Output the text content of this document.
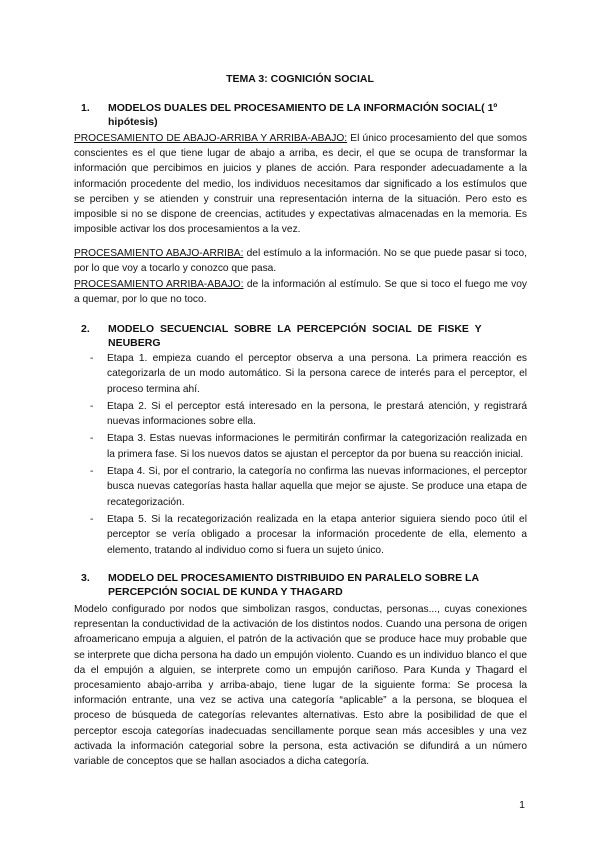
TEMA 3: COGNICIÓN SOCIAL
1. MODELOS DUALES DEL PROCESAMIENTO DE LA INFORMACIÓN SOCIAL( 1º
hipótesis)
PROCESAMIENTO DE ABAJO-ARRIBA Y ARRIBA-ABAJO: El único procesamiento del que somos conscientes es el que tiene lugar de abajo a arriba, es decir, el que se ocupa de transformar la información que percibimos en juicios y planes de acción. Para responder adecuadamente a la información procedente del medio, los individuos necesitamos dar significado a los estímulos que se perciben y se atienden y construir una representación interna de la situación. Pero esto es imposible si no se dispone de creencias, actitudes y expectativas almacenadas en la memoria. Es imposible activar los dos procesamientos a la vez.
PROCESAMIENTO ABAJO-ARRIBA: del estímulo a la información. No se que puede pasar si toco, por lo que voy a tocarlo y conozco que pasa.
PROCESAMIENTO ARRIBA-ABAJO: de la información al estímulo. Se que si toco el fuego me voy a quemar, por lo que no toco.
2. MODELO SECUENCIAL SOBRE LA PERCEPCIÓN SOCIAL DE FISKE Y
NEUBERG
- Etapa 1. empieza cuando el perceptor observa a una persona. La primera reacción es categorizarla de un modo automático. Si la persona carece de interés para el perceptor, el proceso termina ahí.
- Etapa 2. Si el perceptor está interesado en la persona, le prestará atención, y registrará nuevas informaciones sobre ella.
- Etapa 3. Estas nuevas informaciones le permitirán confirmar la categorización realizada en la primera fase. Si los nuevos datos se ajustan el perceptor da por buena su reacción inicial.
- Etapa 4. Si, por el contrario, la categoría no confirma las nuevas informaciones, el perceptor busca nuevas categorías hasta hallar aquella que mejor se ajuste. Se produce una etapa de recategorización.
- Etapa 5. Si la recategorización realizada en la etapa anterior siguiera siendo poco útil el perceptor se vería obligado a procesar la información procedente de ella, elemento a elemento, tratando al individuo como si fuera un sujeto único.
3. MODELO DEL PROCESAMIENTO DISTRIBUIDO EN PARALELO SOBRE LA
PERCEPCIÓN SOCIAL DE KUNDA Y THAGARD
Modelo configurado por nodos que simbolizan rasgos, conductas, personas..., cuyas conexiones representan la conductividad de la activación de los distintos nodos. Cuando una persona de origen afroamericano empuja a alguien, el patrón de la activación que se produce hace muy probable que se interprete que dicha persona ha dado un empujón violento. Cuando es un individuo blanco el que da el empujón a alguien, se interprete como un empujón cariñoso. Para Kunda y Thagard el procesamiento abajo-arriba y arriba-abajo, tiene lugar de la siguiente forma: Se procesa la información entrante, una vez se activa una categoría “aplicable” a la persona, se bloquea el proceso de búsqueda de categorías relevantes alternativas. Esto abre la posibilidad de que el perceptor escoja categorías inadecuadas sencillamente porque sean más accesibles y una vez activada la información categorial sobre la persona, esta activación se difundirá a un número variable de conceptos que se hallan asociados a dicha categoría.
1
